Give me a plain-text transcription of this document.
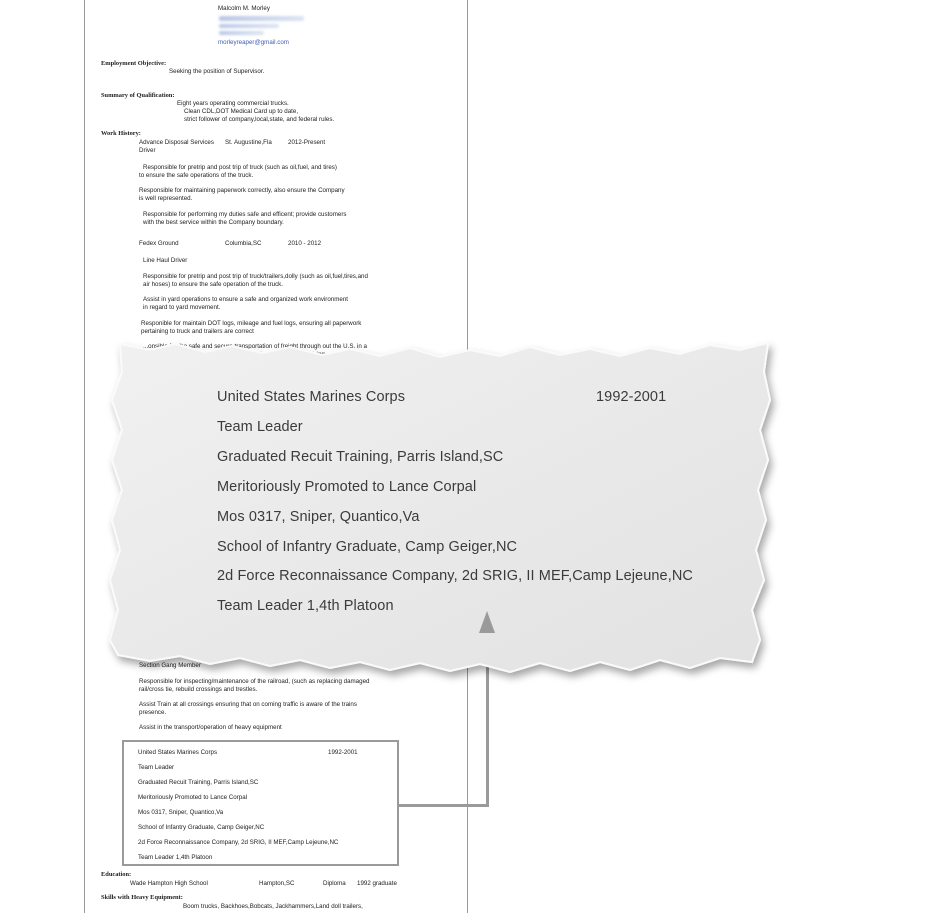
Malcolm M. Morley
morleyreaper@gmail.com
Employment Objective:
Seeking the position of Supervisor.
Summary of Qualification:
Eight years operating commercial trucks.
Clean CDL,DOT Medical Card up to date,
strict follower of company,local,state, and federal rules.
Work History:
Advance Disposal Services St. Augustine,Fla	2012-Present
Driver
Responsible for pretrip and post trip of truck (such as oil,fuel, and tires)
to ensure the safe operations of the truck.
Responsible for maintaining paperwork correctly, also ensure the Company
is well represented.
Responsible for performing my duties safe and efficent; provide customers
with the best service within the Company boundary.
Fedex Ground	Columbia,SC	2010 - 2012
Line Haul Driver
Responsible for pretrip and post trip of truck/trailers,dolly (such as oil,fuel,tires,and
air hoses) to ensure the safe operation of the truck.
Assist in yard operations to ensure a safe and organized work environment
in regard to yard movement.
Responible for maintain DOT logs, mileage and fuel logs, ensuring all paperwork
pertaining to truck and trailers are correct
...onsible for the safe and secure transportation of freight through out the U.S. in a
Section Gang Member
Responsible for inspecting/maintenance of the railroad, (such as replacing damaged
rail/cross tie, rebuild crossings and trestles.
Assist Train at all crossings ensuring that on coming traffic is aware of the trains
presence.
Assist in the transport/operation of heavy equipment
Education:
Wade Hampton High School	Hampton,SC	Diploma 1992 graduate
Skills with Heavy Equipment:
Boom trucks, Backhoes,Bobcats, Jackhammers,Land doll trailers,
United States Marines Corps	1992-2001
Team Leader
Graduated Recuit Training, Parris Island,SC
Meritoriously Promoted to Lance Corpal
Mos 0317, Sniper, Quantico,Va
School of Infantry Graduate, Camp Geiger,NC
2d Force Reconnaissance Company, 2d SRIG, II MEF,Camp Lejeune,NC
Team Leader 1,4th Platoon
United States Marines Corps	1992-2001
Team Leader
Graduated Recuit Training, Parris Island,SC
Meritoriously Promoted to Lance Corpal
Mos 0317, Sniper, Quantico,Va
School of Infantry Graduate, Camp Geiger,NC
2d Force Reconnaissance Company, 2d SRIG, II MEF,Camp Lejeune,NC
Team Leader 1,4th Platoon
